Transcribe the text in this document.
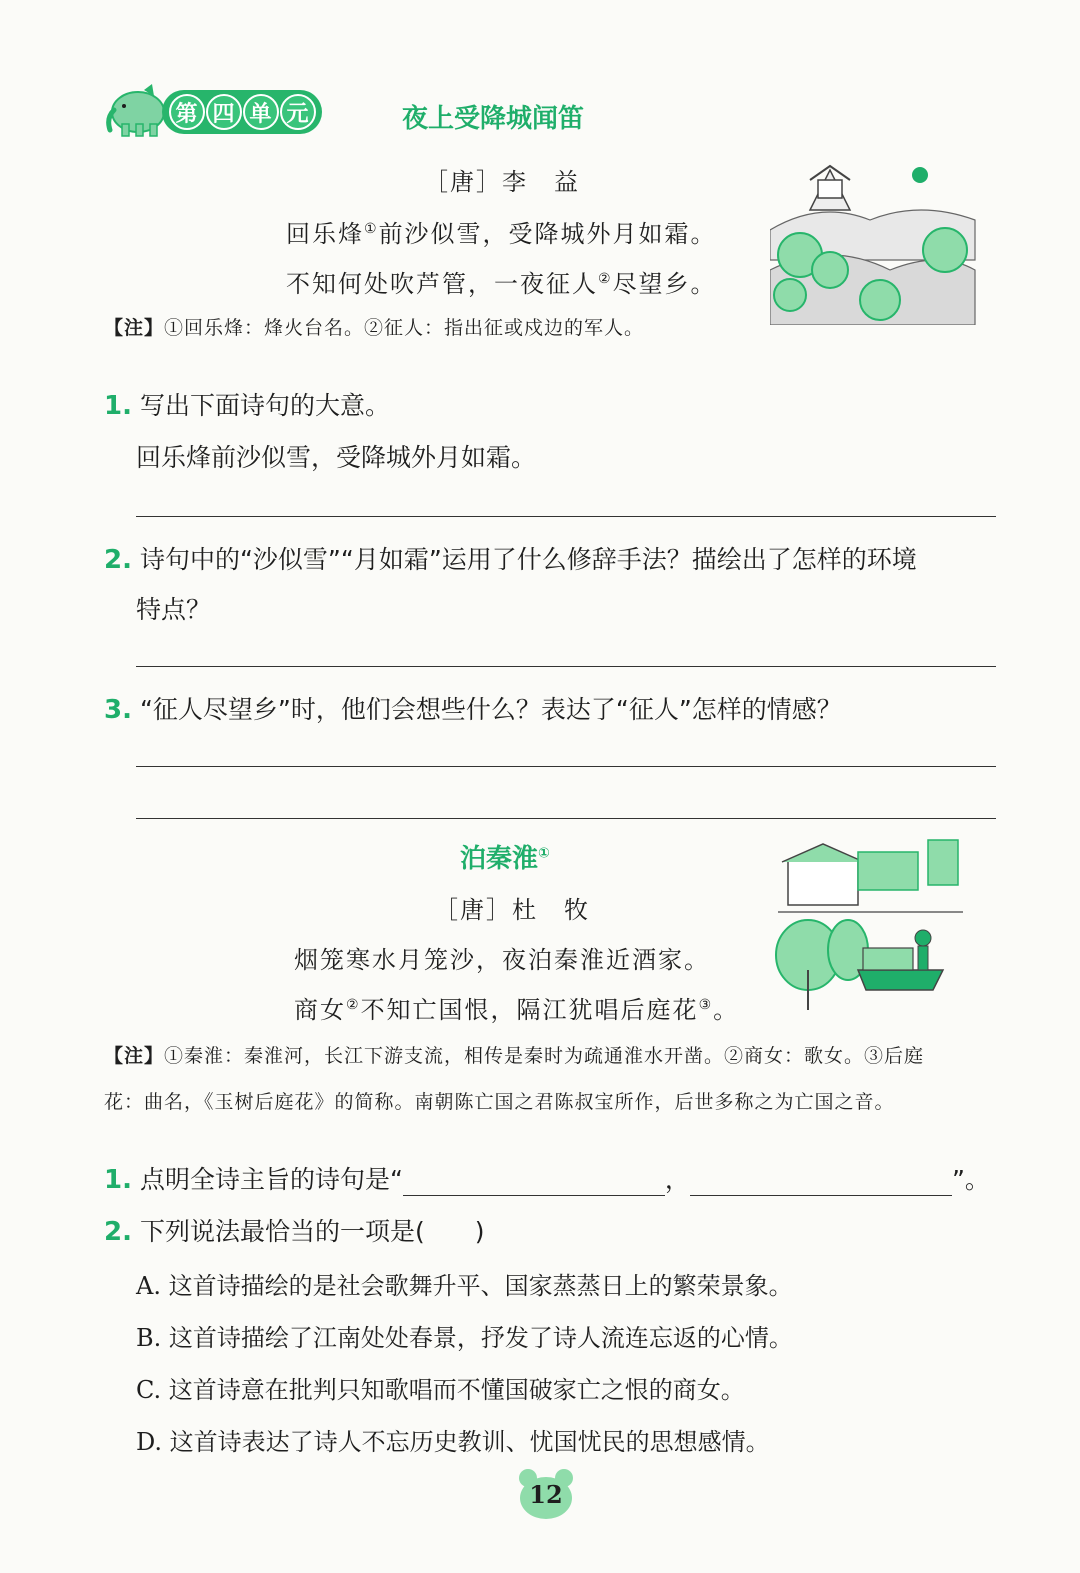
第 四 单 元	夜上受降城闻笛
［唐］李　益
回乐烽①前沙似雪，受降城外月如霜。
不知何处吹芦管，一夜征人②尽望乡。
【注】①回乐烽：烽火台名。②征人：指出征或戍边的军人。
1. 写出下面诗句的大意。
回乐烽前沙似雪，受降城外月如霜。
2. 诗句中的“沙似雪”“月如霜”运用了什么修辞手法？描绘出了怎样的环境
特点？
3. “征人尽望乡”时，他们会想些什么？表达了“征人”怎样的情感？
泊秦淮①
［唐］杜　牧
烟笼寒水月笼沙，夜泊秦淮近酒家。
商女②不知亡国恨，隔江犹唱后庭花③。
【注】①秦淮：秦淮河，长江下游支流，相传是秦时为疏通淮水开凿。②商女：歌女。③后庭
花：曲名，《玉树后庭花》的简称。南朝陈亡国之君陈叔宝所作，后世多称之为亡国之音。
1. 点明全诗主旨的诗句是“	，	”。
2. 下列说法最恰当的一项是(　　)
A. 这首诗描绘的是社会歌舞升平、国家蒸蒸日上的繁荣景象。
B. 这首诗描绘了江南处处春景，抒发了诗人流连忘返的心情。
C. 这首诗意在批判只知歌唱而不懂国破家亡之恨的商女。
D. 这首诗表达了诗人不忘历史教训、忧国忧民的思想感情。
12
